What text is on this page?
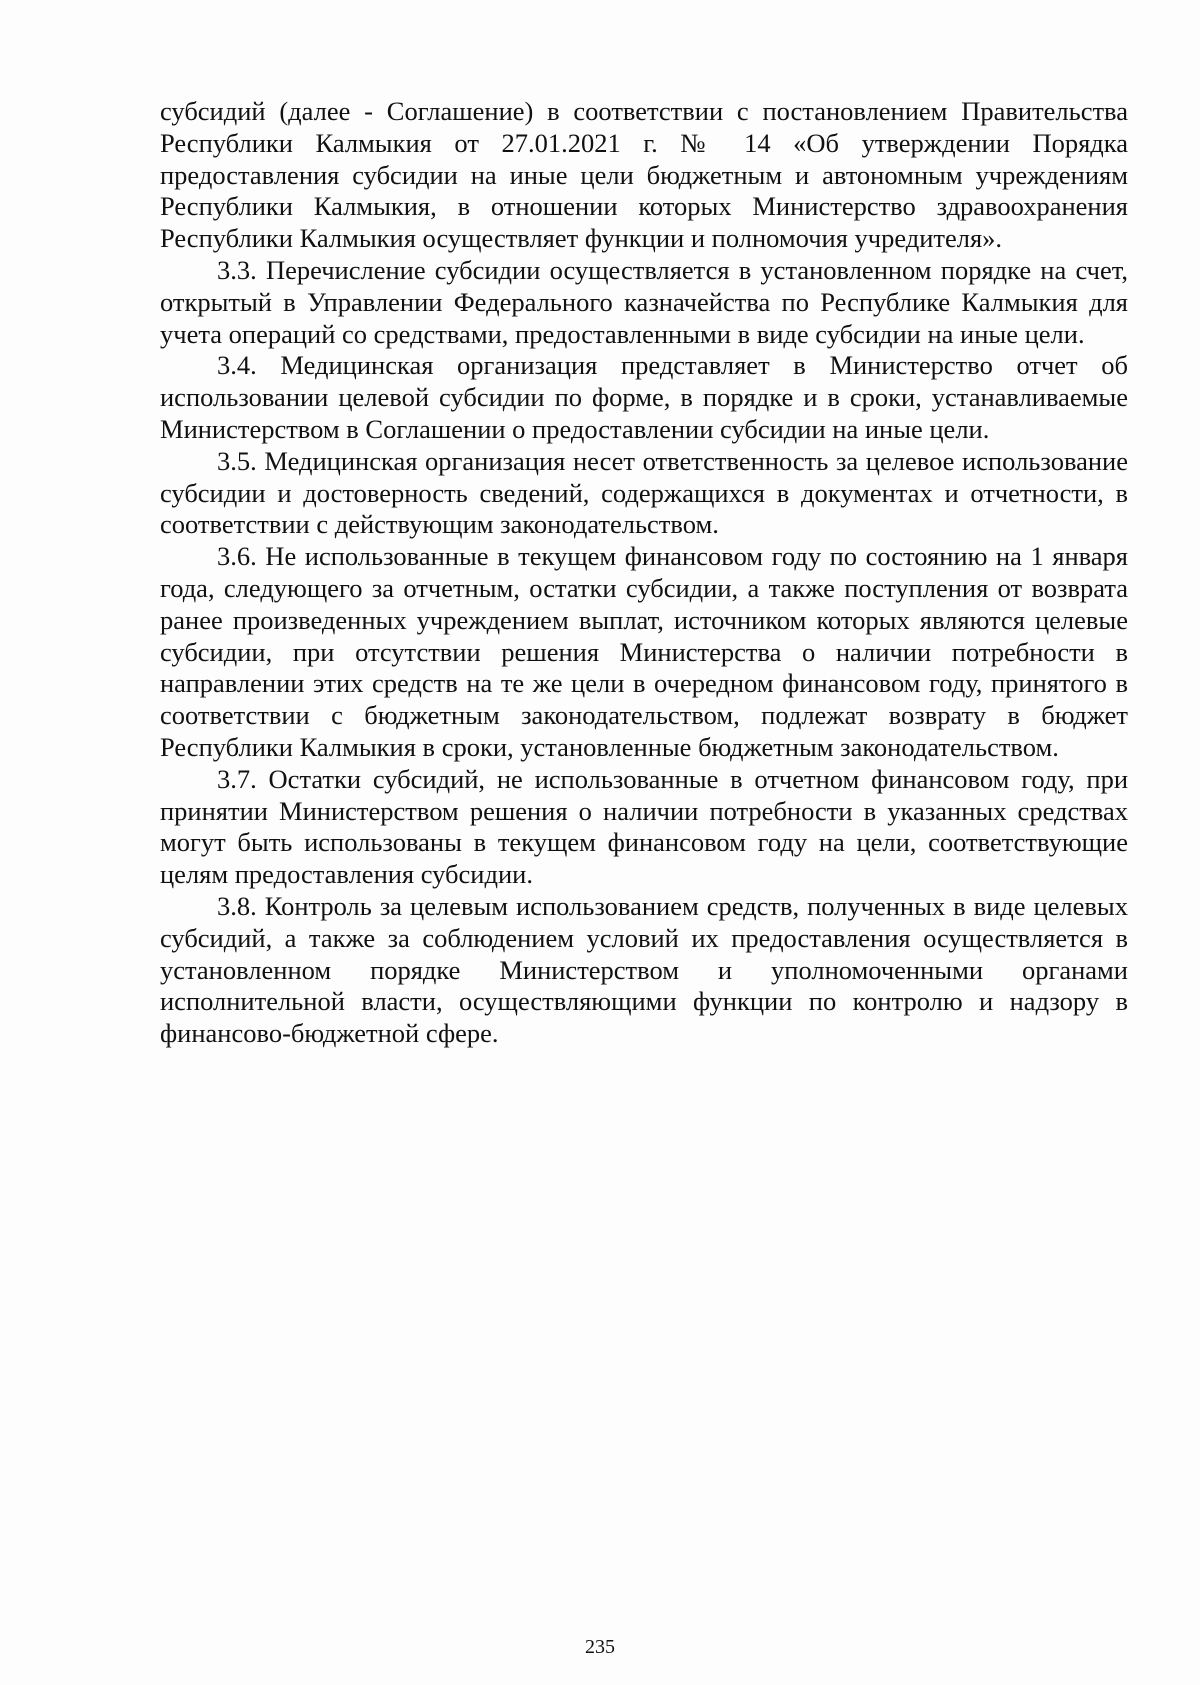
субсидий (далее - Соглашение) в соответствии с постановлением Правительства Республики Калмыкия от 27.01.2021 г. № 14 «Об утверждении Порядка предоставления субсидии на иные цели бюджетным и автономным учреждениям Республики Калмыкия, в отношении которых Министерство здравоохранения Республики Калмыкия осуществляет функции и полномочия учредителя».

3.3. Перечисление субсидии осуществляется в установленном порядке на счет, открытый в Управлении Федерального казначейства по Республике Калмыкия для учета операций со средствами, предоставленными в виде субсидии на иные цели.

3.4. Медицинская организация представляет в Министерство отчет об использовании целевой субсидии по форме, в порядке и в сроки, устанавливаемые Министерством в Соглашении о предоставлении субсидии на иные цели.

3.5. Медицинская организация несет ответственность за целевое использование субсидии и достоверность сведений, содержащихся в документах и отчетности, в соответствии с действующим законодательством.

3.6. Не использованные в текущем финансовом году по состоянию на 1 января года, следующего за отчетным, остатки субсидии, а также поступления от возврата ранее произведенных учреждением выплат, источником которых являются целевые субсидии, при отсутствии решения Министерства о наличии потребности в направлении этих средств на те же цели в очередном финансовом году, принятого в соответствии с бюджетным законодательством, подлежат возврату в бюджет Республики Калмыкия в сроки, установленные бюджетным законодательством.

3.7. Остатки субсидий, не использованные в отчетном финансовом году, при принятии Министерством решения о наличии потребности в указанных средствах могут быть использованы в текущем финансовом году на цели, соответствующие целям предоставления субсидии.

3.8. Контроль за целевым использованием средств, полученных в виде целевых субсидий, а также за соблюдением условий их предоставления осуществляется в установленном порядке Министерством и уполномоченными органами исполнительной власти, осуществляющими функции по контролю и надзору в финансово-бюджетной сфере.

235
